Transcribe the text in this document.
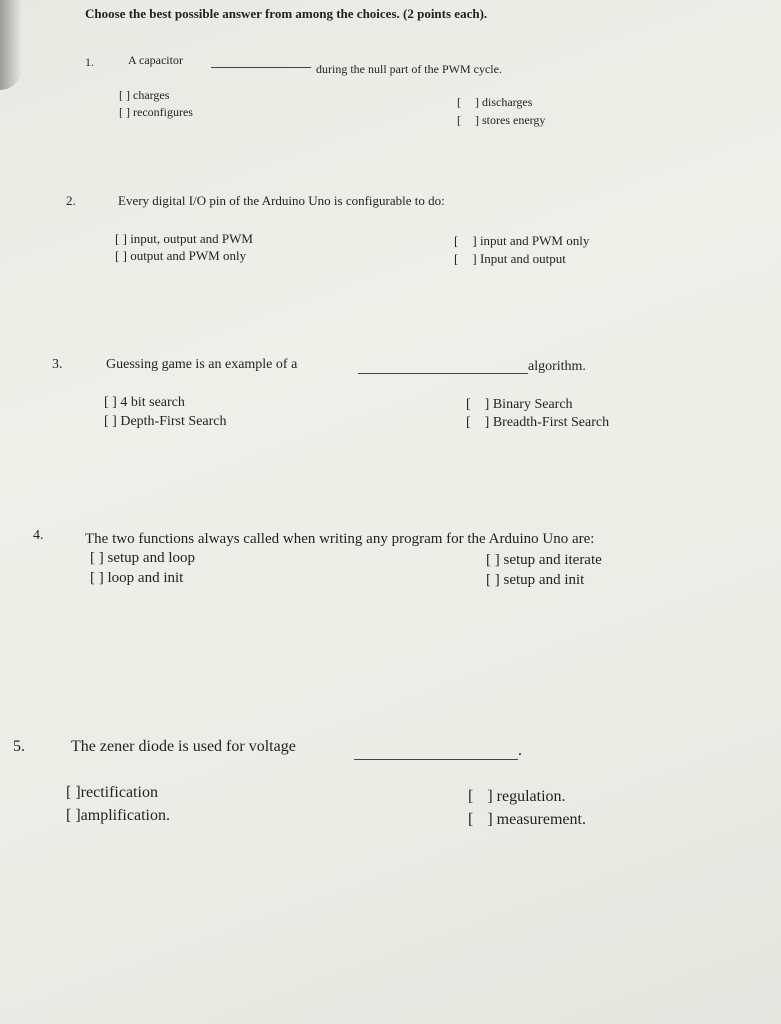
Choose the best possible answer from among the choices. (2 points each).
1.	A capacitor
during the null part of the PWM cycle.
[ ] charges
[ ] reconfigures
[ ] discharges
[ ] stores energy
2.	Every digital I/O pin of the Arduino Uno is configurable to do:
[ ] input, output and PWM
[ ] output and PWM only
[ ] input and PWM only
[ ] Input and output
3.	Guessing game is an example of a	algorithm.
[ ] 4 bit search
[ ] Depth-First Search
[ ] Binary Search
[ ] Breadth-First Search
4.	The two functions always called when writing any program for the Arduino Uno are:
[ ] setup and loop
[ ] loop and init
[ ] setup and iterate
[ ] setup and init
5.	The zener diode is used for voltage	.
[ ]rectification
[ ]amplification.
[ ] regulation.
[ ] measurement.
